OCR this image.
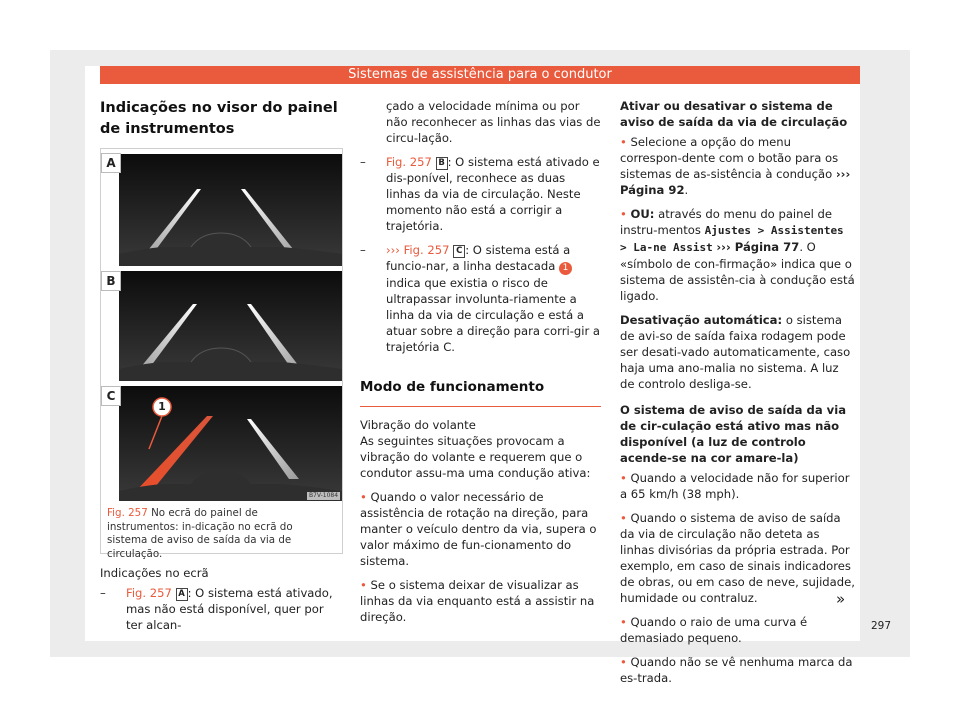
Sistemas de assistência para o condutor
Indicações no visor do painel de instrumentos
A
B
C
1
B7V-1084
Fig. 257 No ecrã do painel de instrumentos: in-dicação no ecrã do sistema de aviso de saída da via de circulação.

Indicações no ecrã

– Fig. 257 A : O sistema está ativado, mas não está disponível, quer por ter alcan-
çado a velocidade mínima ou por não reconhecer as linhas das vias de circu-lação.
– Fig. 257 B : O sistema está ativado e dis-ponível, reconhece as duas linhas da via de circulação. Neste momento não está a corrigir a trajetória.
– ››› Fig. 257 C : O sistema está a funcio-nar, a linha destacada 1 indica que existia o risco de ultrapassar involunta-riamente a linha da via de circulação e está a atuar sobre a direção para corri-gir a trajetória C.
Modo de funcionamento

Vibração do volante

As seguintes situações provocam a vibração do volante e requerem que o condutor assu-ma uma condução ativa:

• Quando o valor necessário de assistência de rotação na direção, para manter o veículo dentro da via, supera o valor máximo de fun-cionamento do sistema.

• Se o sistema deixar de visualizar as linhas da via enquanto está a assistir na direção.

Ativar ou desativar o sistema de aviso de saída da via de circulação

• Selecione a opção do menu correspon-dente com o botão para os sistemas de as-sistência à condução ››› Página 92.

• OU: através do menu do painel de instru-mentos Ajustes > Assistentes > La-ne Assist ››› Página 77. O «símbolo de con-firmação» indica que o sistema de assistên-cia à condução está ligado.

Desativação automática: o sistema de avi-so de saída faixa rodagem pode ser desati-vado automaticamente, caso haja uma ano-malia no sistema. A luz de controlo desliga-se.

O sistema de aviso de saída da via de cir-culação está ativo mas não disponível (a luz de controlo acende-se na cor amare-la)

• Quando a velocidade não for superior a 65 km/h (38 mph).

• Quando o sistema de aviso de saída da via de circulação não deteta as linhas divisórias da própria estrada. Por exemplo, em caso de sinais indicadores de obras, ou em caso de neve, sujidade, humidade ou contraluz.

• Quando o raio de uma curva é demasiado pequeno.

• Quando não se vê nenhuma marca da es-trada.

»
297
